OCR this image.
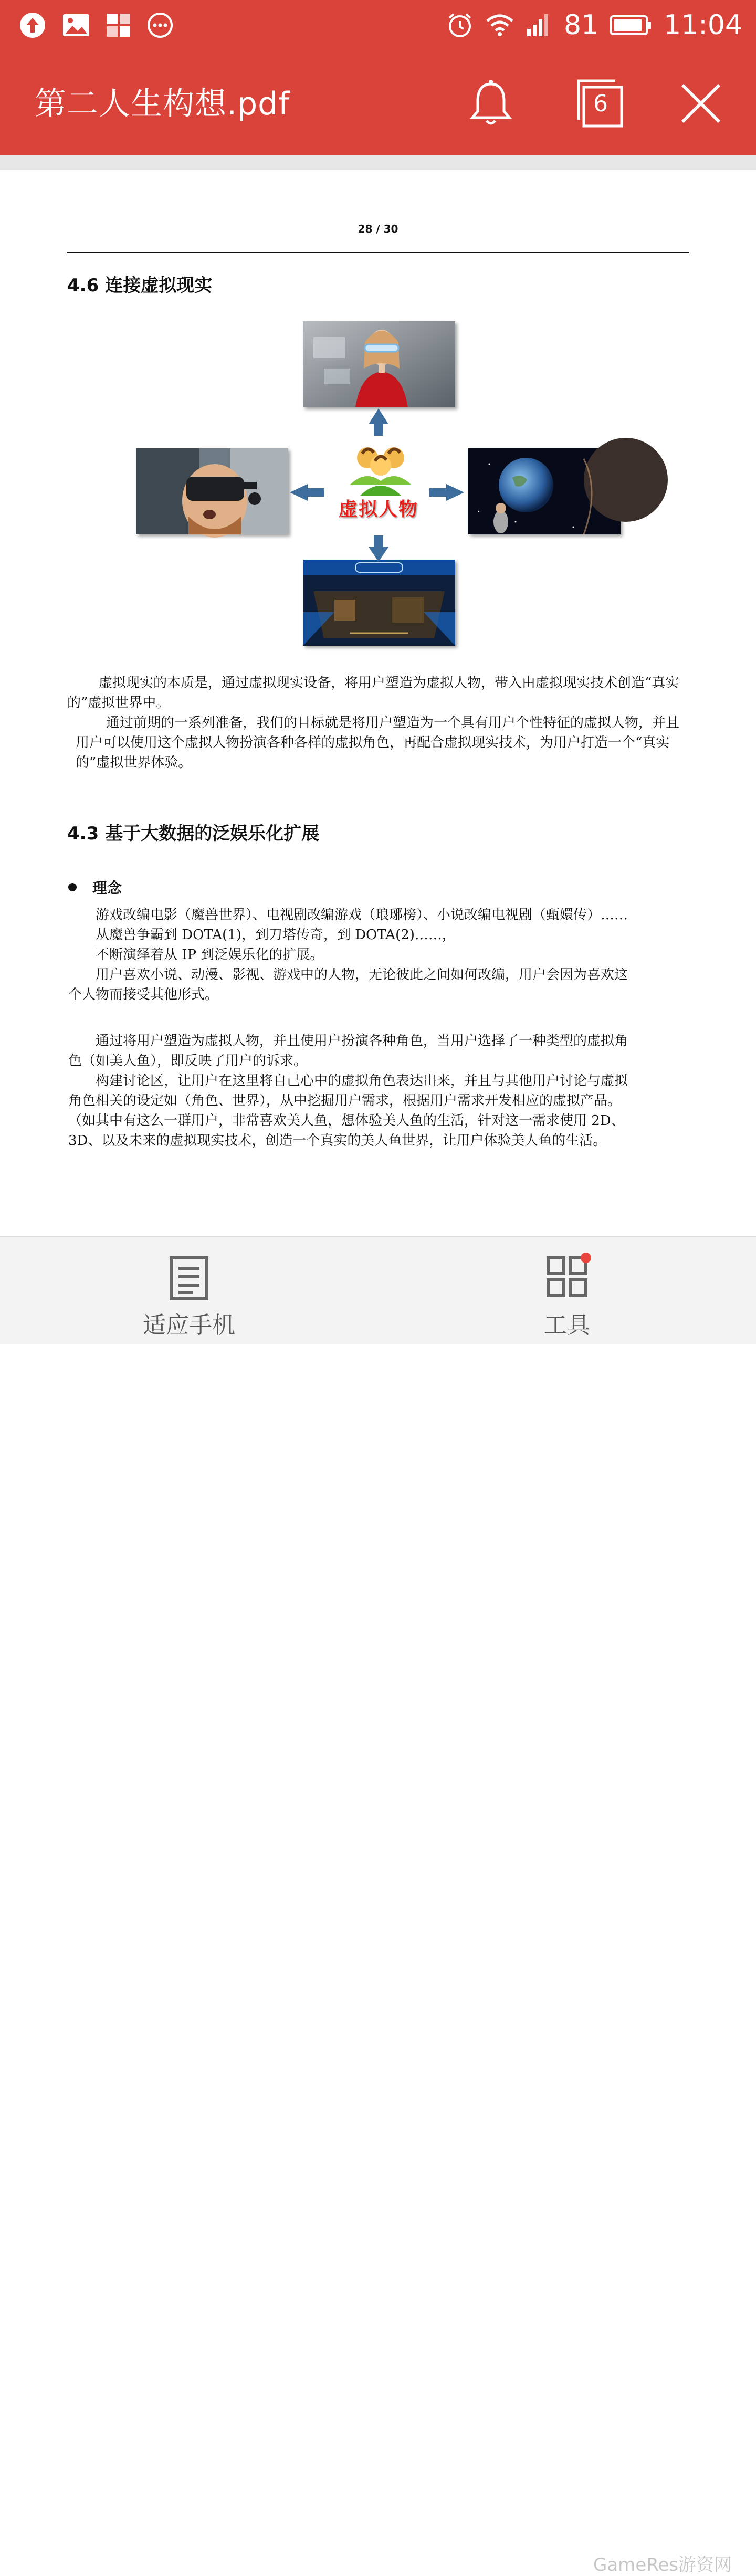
81 11:04
第二人生构想.pdf	6
28 / 30
4.6 连接虚拟现实
虚拟人物

虚拟现实的本质是，通过虚拟现实设备，将用户塑造为虚拟人物，带入由虚拟现实技术创造“真实的”虚拟世界中。

通过前期的一系列准备，我们的目标就是将用户塑造为一个具有用户个性特征的虚拟人物，并且用户可以使用这个虚拟人物扮演各种各样的虚拟角色，再配合虚拟现实技术，为用户打造一个“真实的”虚拟世界体验。

4.3 基于大数据的泛娱乐化扩展
理念
游戏改编电影（魔兽世界）、电视剧改编游戏（琅琊榜）、小说改编电视剧（甄嬛传）……
从魔兽争霸到 DOTA(1)，到刀塔传奇，到 DOTA(2)……，
不断演绎着从 IP 到泛娱乐化的扩展。
用户喜欢小说、动漫、影视、游戏中的人物，无论彼此之间如何改编，用户会因为喜欢这
个人物而接受其他形式。
通过将用户塑造为虚拟人物，并且使用户扮演各种角色，当用户选择了一种类型的虚拟角
色（如美人鱼），即反映了用户的诉求。
构建讨论区，让用户在这里将自己心中的虚拟角色表达出来，并且与其他用户讨论与虚拟
角色相关的设定如（角色、世界），从中挖掘用户需求，根据用户需求开发相应的虚拟产品。
（如其中有这么一群用户，非常喜欢美人鱼，想体验美人鱼的生活，针对这一需求使用 2D、
3D、以及未来的虚拟现实技术，创造一个真实的美人鱼世界，让用户体验美人鱼的生活。
适应手机	工具
GameRes游资网
